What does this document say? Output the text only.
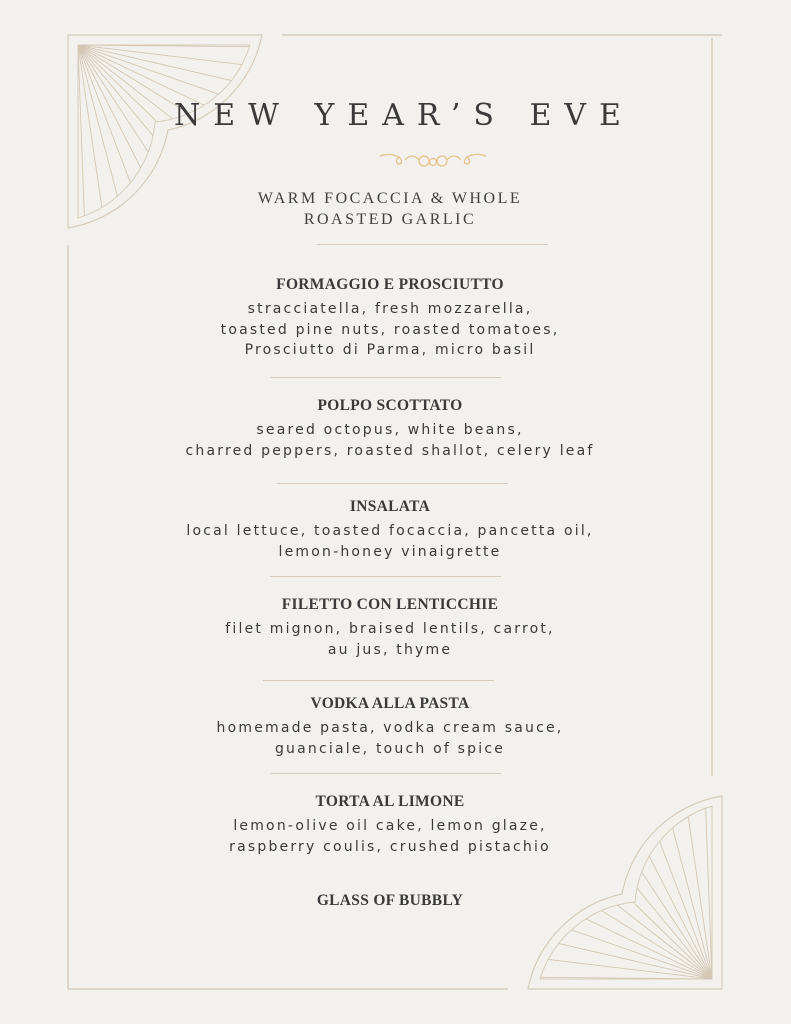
NEW YEAR’S EVE
WARM FOCACCIA & WHOLE
ROASTED GARLIC
FORMAGGIO E PROSCIUTTO
stracciatella, fresh mozzarella,
toasted pine nuts, roasted tomatoes,
Prosciutto di Parma, micro basil
POLPO SCOTTATO
seared octopus, white beans,
charred peppers, roasted shallot, celery leaf
INSALATA
local lettuce, toasted focaccia, pancetta oil,
lemon-honey vinaigrette
FILETTO CON LENTICCHIE
filet mignon, braised lentils, carrot,
au jus, thyme
VODKA ALLA PASTA
homemade pasta, vodka cream sauce,
guanciale, touch of spice
TORTA AL LIMONE
lemon-olive oil cake, lemon glaze,
raspberry coulis, crushed pistachio
GLASS OF BUBBLY
